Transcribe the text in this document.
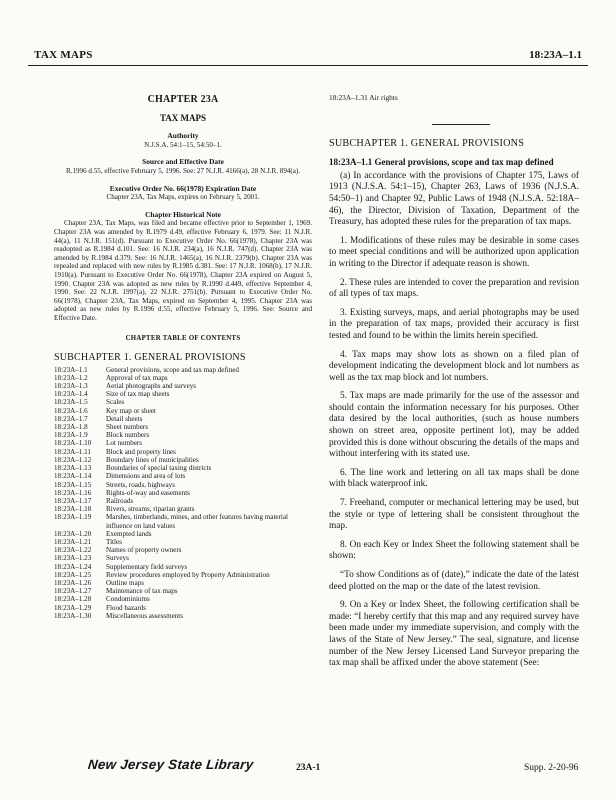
TAX MAPS	18:23A–1.1
CHAPTER 23A
TAX MAPS
Authority
N.J.S.A. 54:1–15, 54:50–1.
Source and Effective Date
R.1996 d.55, effective February 5, 1996. See: 27 N.J.R. 4166(a), 28 N.J.R. 894(a).
Executive Order No. 66(1978) Expiration Date
Chapter 23A, Tax Maps, expires on February 5, 2001.
Chapter Historical Note
Chapter 23A, Tax Maps, was filed and became effective prior to September 1, 1969. Chapter 23A was amended by R.1979 d.49, effective February 6, 1979. See: 11 N.J.R. 44(a), 11 N.J.R. 151(d). Pursuant to Executive Order No. 66(1978), Chapter 23A was readopted as R.1984 d.101. See: 16 N.J.R. 234(a), 16 N.J.R. 747(d). Chapter 23A was amended by R.1984 d.379. See: 16 N.J.R. 1465(a), 16 N.J.R. 2379(b). Chapter 23A was repealed and replaced with new rules by R.1985 d.381. See: 17 N.J.R. 1068(b), 17 N.J.R. 1910(a). Pursuant to Executive Order No. 66(1978), Chapter 23A expired on August 5, 1990. Chapter 23A was adopted as new rules by R.1990 d.449, effective September 4, 1990. See: 22 N.J.R. 1997(a), 22 N.J.R. 2751(b). Pursuant to Executive Order No. 66(1978), Chapter 23A, Tax Maps, expired on September 4, 1995. Chapter 23A was adopted as new rules by R.1996 d.55, effective February 5, 1996. See: Source and Effective Date.
CHAPTER TABLE OF CONTENTS
SUBCHAPTER 1. GENERAL PROVISIONS
18:23A–1.1	General provisions, scope and tax map defined
18:23A–1.2	Approval of tax maps
18:23A–1.3	Aerial photographs and surveys
18:23A–1.4	Size of tax map sheets
18:23A–1.5	Scales
18:23A–1.6	Key map or sheet
18:23A–1.7	Detail sheets
18:23A–1.8	Sheet numbers
18:23A–1.9	Block numbers
18:23A–1.10	Lot numbers
18:23A–1.11	Block and property lines
18:23A–1.12	Boundary lines of municipalities
18:23A–1.13	Boundaries of special taxing districts
18:23A–1.14	Dimensions and area of lots
18:23A–1.15	Streets, roads, highways
18:23A–1.16	Rights-of-way and easements
18:23A–1.17	Railroads
18:23A–1.18	Rivers, streams, riparian grants
18:23A–1.19	Marshes, timberlands, mines, and other features having material influence on land values
18:23A–1.20	Exempted lands
18:23A–1.21	Titles
18:23A–1.22	Names of property owners
18:23A–1.23	Surveys
18:23A–1.24	Supplementary field surveys
18:23A–1.25	Review procedures employed by Property Administration
18:23A–1.26	Outline maps
18:23A–1.27	Maintenance of tax maps
18:23A–1.28	Condominiums
18:23A–1.29	Flood hazards
18:23A–1.30	Miscellaneous assessments
18:23A–1.31 Air rights
SUBCHAPTER 1. GENERAL PROVISIONS
18:23A–1.1 General provisions, scope and tax map defined
(a) In accordance with the provisions of Chapter 175, Laws of 1913 (N.J.S.A. 54:1–15), Chapter 263, Laws of 1936 (N.J.S.A. 54:50–1) and Chapter 92, Public Laws of 1948 (N.J.S.A. 52:18A–46), the Director, Division of Taxation, Department of the Treasury, has adopted these rules for the preparation of tax maps.
1. Modifications of these rules may be desirable in some cases to meet special conditions and will be authorized upon application in writing to the Director if adequate reason is shown.
2. These rules are intended to cover the preparation and revision of all types of tax maps.
3. Existing surveys, maps, and aerial photographs may be used in the preparation of tax maps, provided their accuracy is first tested and found to be within the limits herein specified.
4. Tax maps may show lots as shown on a filed plan of development indicating the development block and lot numbers as well as the tax map block and lot numbers.
5. Tax maps are made primarily for the use of the assessor and should contain the information necessary for his purposes. Other data desired by the local authorities, (such as house numbers shown on street area, opposite pertinent lot), may be added provided this is done without obscuring the details of the maps and without interfering with its stated use.
6. The line work and lettering on all tax maps shall be done with black waterproof ink.
7. Freehand, computer or mechanical lettering may be used, but the style or type of lettering shall be consistent throughout the map.
8. On each Key or Index Sheet the following statement shall be shown:
“To show Conditions as of (date),” indicate the date of the latest deed plotted on the map or the date of the latest revision.
9. On a Key or Index Sheet, the following certification shall be made: “I hereby certify that this map and any required survey have been made under my immediate supervision, and comply with the laws of the State of New Jersey.” The seal, signature, and license number of the New Jersey Licensed Land Surveyor preparing the tax map shall be affixed under the above statement (See:
New Jersey State Library	23A-1	Supp. 2-20-96
